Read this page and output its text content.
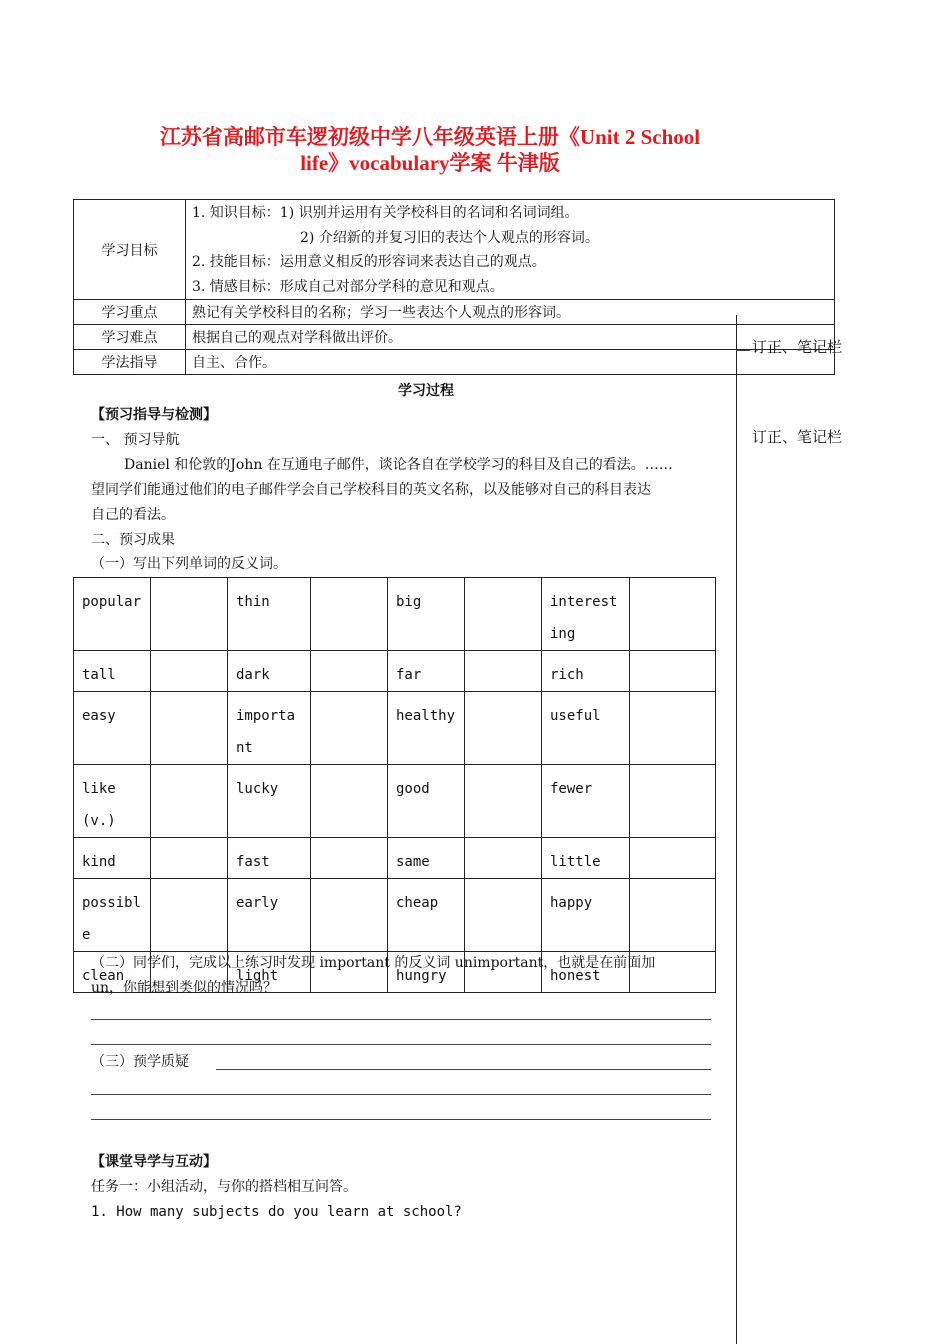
江苏省高邮市车逻初级中学八年级英语上册《Unit 2 School
life》vocabulary学案 牛津版
学习目标	1. 知识目标：1) 识别并运用有关学校科目的名词和名词词组。
2) 介绍新的并复习旧的表达个人观点的形容词。
2. 技能目标：运用意义相反的形容词来表达自己的观点。
3. 情感目标：形成自己对部分学科的意见和观点。

学习重点	熟记有关学校科目的名称；学习一些表达个人观点的形容词。
学习难点	根据自己的观点对学科做出评价。
学法指导	自主、合作。
订正、笔记栏
订正、笔记栏
学习过程
【预习指导与检测】
一、 预习导航
Daniel 和伦敦的John 在互通电子邮件，谈论各自在学校学习的科目及自己的看法。……
望同学们能通过他们的电子邮件学会自己学校科目的英文名称，以及能够对自己的科目表达
自己的看法。
二、预习成果
（一）写出下列单词的反义词。
popular		thin		big		interesting	
tall		dark		far		rich	
easy		important		healthy		useful	
like(v.)		lucky		good		fewer	
kind		fast		same		little	
possible		early		cheap		happy	
clean		light		hungry		honest	
（二）同学们，完成以上练习时发现 important 的反义词 unimportant，也就是在前面加
un，你能想到类似的情况吗？
（三）预学质疑
【课堂导学与互动】
任务一：小组活动，与你的搭档相互问答。
1. How many subjects do you learn at school?
